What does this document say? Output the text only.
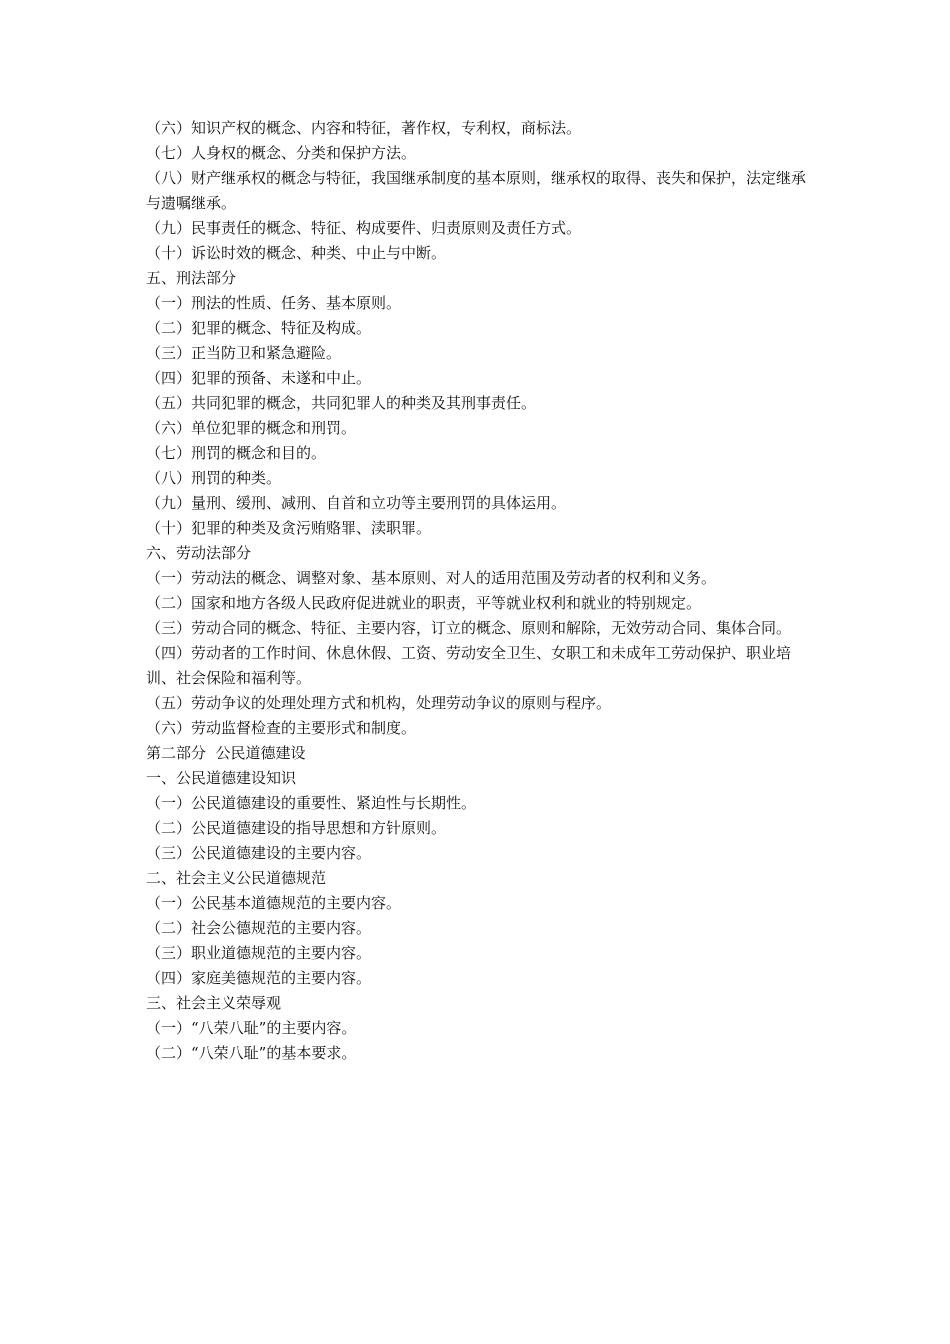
（六）知识产权的概念、内容和特征，著作权，专利权，商标法。

（七）人身权的概念、分类和保护方法。

（八）财产继承权的概念与特征，我国继承制度的基本原则，继承权的取得、丧失和保护，法定继承与遗嘱继承。

（九）民事责任的概念、特征、构成要件、归责原则及责任方式。

（十）诉讼时效的概念、种类、中止与中断。

五、刑法部分

（一）刑法的性质、任务、基本原则。

（二）犯罪的概念、特征及构成。

（三）正当防卫和紧急避险。

（四）犯罪的预备、未遂和中止。

（五）共同犯罪的概念，共同犯罪人的种类及其刑事责任。

（六）单位犯罪的概念和刑罚。

（七）刑罚的概念和目的。

（八）刑罚的种类。

（九）量刑、缓刑、减刑、自首和立功等主要刑罚的具体运用。

（十）犯罪的种类及贪污贿赂罪、渎职罪。

六、劳动法部分

（一）劳动法的概念、调整对象、基本原则、对人的适用范围及劳动者的权利和义务。

（二）国家和地方各级人民政府促进就业的职责，平等就业权利和就业的特别规定。

（三）劳动合同的概念、特征、主要内容，订立的概念、原则和解除，无效劳动合同、集体合同。

（四）劳动者的工作时间、休息休假、工资、劳动安全卫生、女职工和未成年工劳动保护、职业培训、社会保险和福利等。

（五）劳动争议的处理处理方式和机构，处理劳动争议的原则与程序。

（六）劳动监督检查的主要形式和制度。

第二部分  公民道德建设

一、公民道德建设知识

（一）公民道德建设的重要性、紧迫性与长期性。

（二）公民道德建设的指导思想和方针原则。

（三）公民道德建设的主要内容。

二、社会主义公民道德规范

（一）公民基本道德规范的主要内容。

（二）社会公德规范的主要内容。

（三）职业道德规范的主要内容。

（四）家庭美德规范的主要内容。

三、社会主义荣辱观

（一）“八荣八耻”的主要内容。

（二）“八荣八耻”的基本要求。
